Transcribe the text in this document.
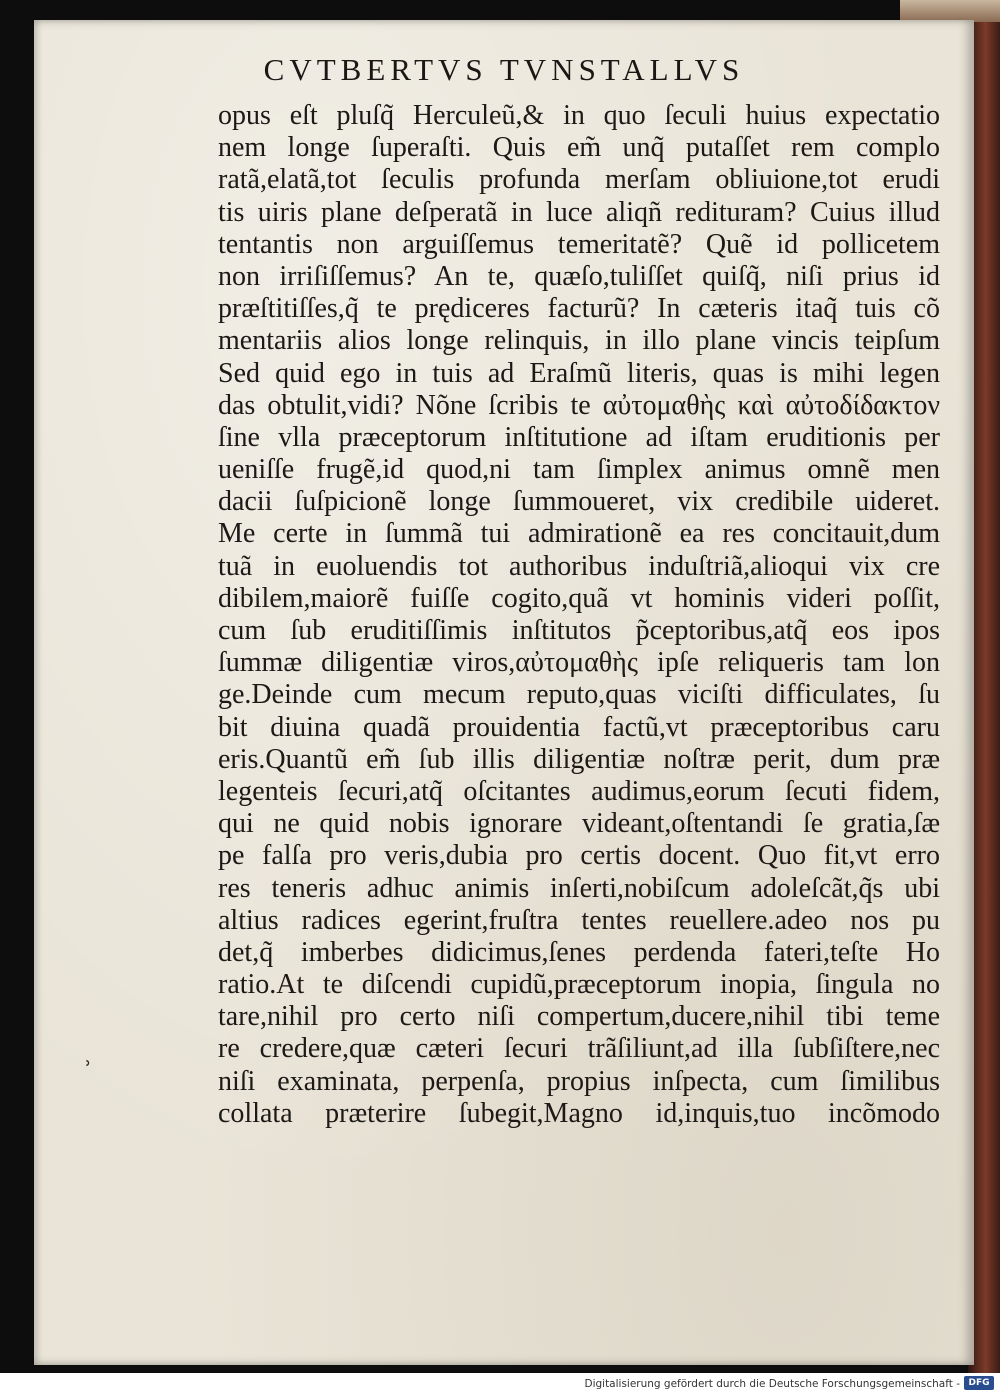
CVTBERTVS TVNSTALLVS
opus eſt pluſq̃ Herculeũ,& in quo ſeculi huius expectatio
nem longe ſuperaſti. Quis em̃ unq̃ putaſſet rem complo
ratã,elatã,tot ſeculis profunda merſam obliuione,tot erudi
tis uiris plane deſperatã in luce aliqñ redituram? Cuius illud
tentantis non arguiſſemus temeritatẽ? Quẽ id pollicetem
non irriſiſſemus? An te, quæſo,tuliſſet quiſq̃, niſi prius id
præſtitiſſes,q̃ te prędiceres facturũ? In cæteris itaq̃ tuis cõ
mentariis alios longe relinquis, in illo plane vincis teipſum
Sed quid ego in tuis ad Eraſmũ literis, quas is mihi legen
das obtulit,vidi? Nõne ſcribis te αὐτομαθὴς καὶ αὐτοδίδακτον
ſine vlla præceptorum inſtitutione ad iſtam eruditionis per
ueniſſe frugẽ,id quod,ni tam ſimplex animus omnẽ men
dacii ſuſpicionẽ longe ſummoueret, vix credibile uideret.
Me certe in ſummã tui admirationẽ ea res concitauit,dum
tuã in euoluendis tot authoribus induſtriã,alioqui vix cre
dibilem,maiorẽ fuiſſe cogito,quã vt hominis videri poſſit,
cum ſub eruditiſſimis inſtitutos p̃ceptoribus,atq̃ eos ipos
ſummæ diligentiæ viros,αὐτομαθὴς ipſe reliqueris tam lon
ge.Deinde cum mecum reputo,quas viciſti difficulates, ſu
bit diuina quadã prouidentia factũ,vt præceptoribus caru
eris.Quantũ em̃ ſub illis diligentiæ noſtræ perit, dum præ
legenteis ſecuri,atq̃ oſcitantes audimus,eorum ſecuti fidem,
qui ne quid nobis ignorare videant,oſtentandi ſe gratia,ſæ
pe falſa pro veris,dubia pro certis docent. Quo fit,vt erro
res teneris adhuc animis inſerti,nobiſcum adoleſcãt,q̃s ubi
altius radices egerint,fruſtra tentes reuellere.adeo nos pu
det,q̃ imberbes didicimus,ſenes perdenda fateri,teſte Ho
ratio.At te diſcendi cupidũ,præceptorum inopia, ſingula no
tare,nihil pro certo niſi compertum,ducere,nihil tibi teme
re credere,quæ cæteri ſecuri trãſiliunt,ad illa ſubſiſtere,nec
niſi examinata, perpenſa, propius inſpecta, cum ſimilibus
collata præterire ſubegit,Magno id,inquis,tuo incõmodo
ʾ
Digitalisierung gefördert durch die Deutsche Forschungsgemeinschaft - DFG
